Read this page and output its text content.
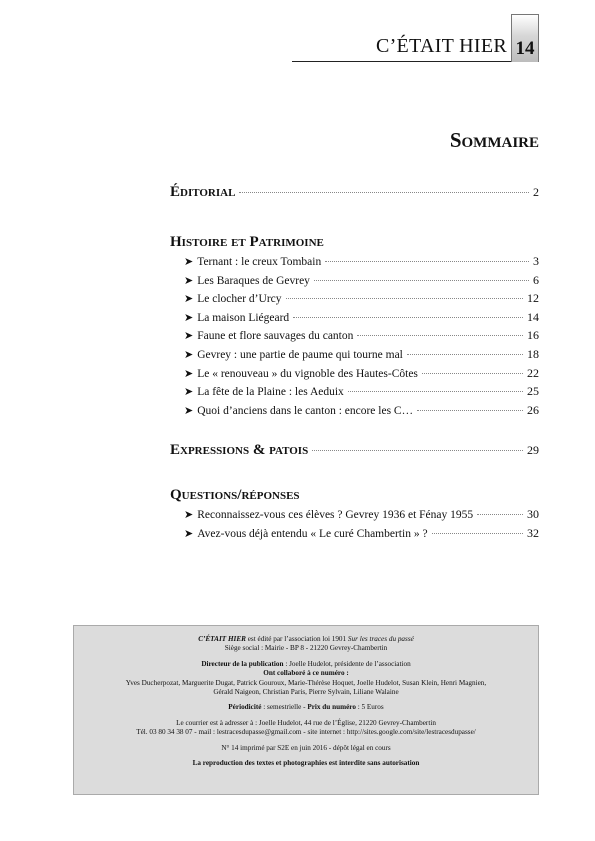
C’ÉTAIT HIER 14
Sommaire
Éditorial	2
Histoire et Patrimoine
➤ Ternant : le creux Tombain	3
➤ Les Baraques de Gevrey	6
➤ Le clocher d’Urcy	12
➤ La maison Liégeard	14
➤ Faune et flore sauvages du canton	16
➤ Gevrey : une partie de paume qui tourne mal	18
➤ Le « renouveau » du vignoble des Hautes-Côtes	22
➤ La fête de la Plaine : les Aeduix	25
➤ Quoi d’anciens dans le canton : encore les C…	26
Expressions & patois	29
Questions/réponses
➤ Reconnaissez-vous ces élèves ? Gevrey 1936 et Fénay 1955	30
➤ Avez-vous déjà entendu « Le curé Chambertin » ?	32

C’ÉTAIT HIER est édité par l’association loi 1901 Sur les traces du passé

Siège social : Mairie - BP 8 - 21220 Gevrey-Chambertin

Directeur de la publication : Joelle Hudelot, présidente de l’association

Ont collaboré à ce numéro :

Yves Ducherpozat, Marguerite Dugat, Patrick Gouroux, Marie-Thérèse Hoquet, Joelle Hudelot, Susan Klein, Henri Magnien,

Gérald Naigeon, Christian Paris, Pierre Sylvain, Liliane Walaine

Périodicité : semestrielle - Prix du numéro : 5 Euros

Le courrier est à adresser à : Joelle Hudelot, 44 rue de l’Église, 21220 Gevrey-Chambertin

Tél. 03 80 34 38 07 - mail : lestracesdupasse@gmail.com - site internet : http://sites.google.com/site/lestracesdupasse/

N° 14 imprimé par S2E en juin 2016 - dépôt légal en cours

La reproduction des textes et photographies est interdite sans autorisation
